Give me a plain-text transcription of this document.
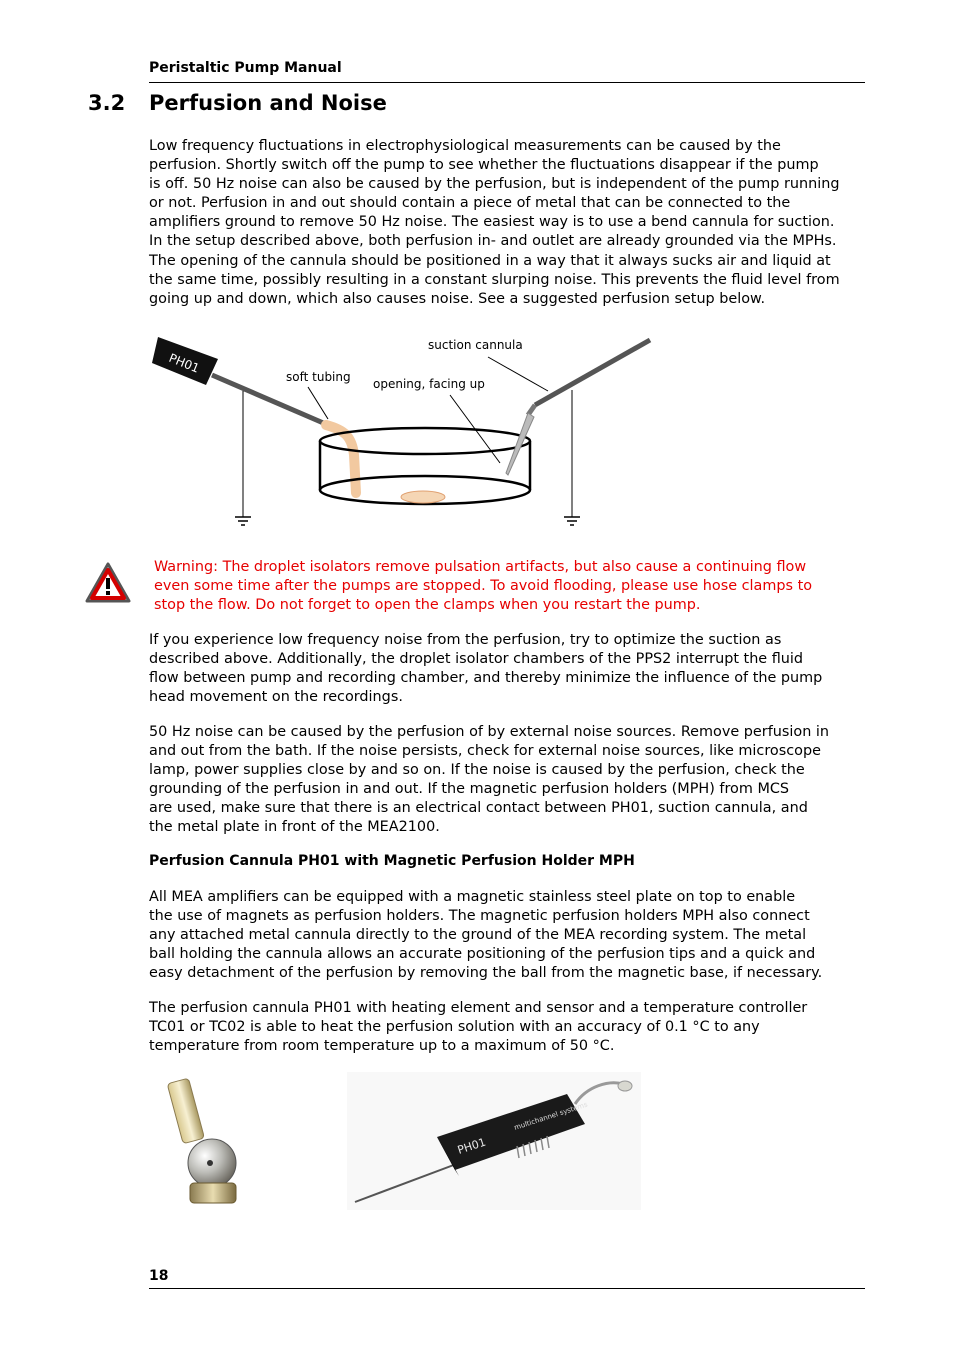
Peristaltic Pump Manual
3.2 Perfusion and Noise
Low frequency fluctuations in electrophysiological measurements can be caused by the
perfusion. Shortly switch off the pump to see whether the fluctuations disappear if the pump
is off. 50 Hz noise can also be caused by the perfusion, but is independent of the pump running
or not. Perfusion in and out should contain a piece of metal that can be connected to the
amplifiers ground to remove 50 Hz noise. The easiest way is to use a bend cannula for suction.
In the setup described above, both perfusion in- and outlet are already grounded via the MPHs.
The opening of the cannula should be positioned in a way that it always sucks air and liquid at
the same time, possibly resulting in a constant slurping noise. This prevents the fluid level from
going up and down, which also causes noise. See a suggested perfusion setup below.
PH01
soft tubing
suction cannula
opening, facing up
Warning: The droplet isolators remove pulsation artifacts, but also cause a continuing flow
even some time after the pumps are stopped. To avoid flooding, please use hose clamps to
stop the flow. Do not forget to open the clamps when you restart the pump.
If you experience low frequency noise from the perfusion, try to optimize the suction as
described above. Additionally, the droplet isolator chambers of the PPS2 interrupt the fluid
flow between pump and recording chamber, and thereby minimize the influence of the pump
head movement on the recordings.
50 Hz noise can be caused by the perfusion of by external noise sources. Remove perfusion in
and out from the bath. If the noise persists, check for external noise sources, like microscope
lamp, power supplies close by and so on. If the noise is caused by the perfusion, check the
grounding of the perfusion in and out. If the magnetic perfusion holders (MPH) from MCS
are used, make sure that there is an electrical contact between PH01, suction cannula, and
the metal plate in front of the MEA2100.
Perfusion Cannula PH01 with Magnetic Perfusion Holder MPH
All MEA amplifiers can be equipped with a magnetic stainless steel plate on top to enable
the use of magnets as perfusion holders. The magnetic perfusion holders MPH also connect
any attached metal cannula directly to the ground of the MEA recording system. The metal
ball holding the cannula allows an accurate positioning of the perfusion tips and a quick and
easy detachment of the perfusion by removing the ball from the magnetic base, if necessary.
The perfusion cannula PH01 with heating element and sensor and a temperature controller
TC01 or TC02 is able to heat the perfusion solution with an accuracy of 0.1 °C to any
temperature from room temperature up to a maximum of 50 °C.
PH01
multichannel systems
18
